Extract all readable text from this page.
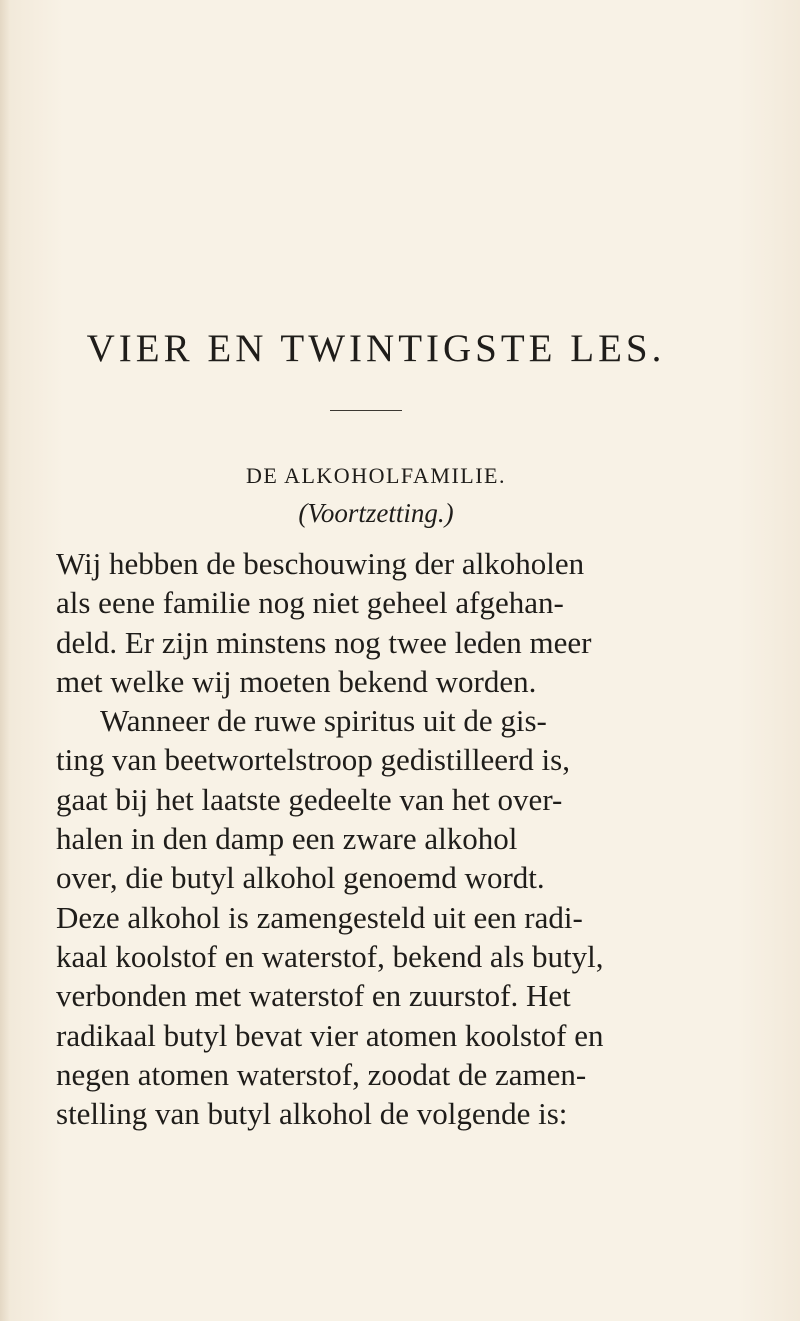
VIER EN TWINTIGSTE LES.
DE ALKOHOLFAMILIE.
(Voortzetting.)
Wij hebben de beschouwing der alkoholen
als eene familie nog niet geheel afgehan-
deld. Er zijn minstens nog twee leden meer
met welke wij moeten bekend worden.
Wanneer de ruwe spiritus uit de gis-
ting van beetwortelstroop gedistilleerd is,
gaat bij het laatste gedeelte van het over-
halen in den damp een zware alkohol
over, die butyl alkohol genoemd wordt.
Deze alkohol is zamengesteld uit een radi-
kaal koolstof en waterstof, bekend als butyl,
verbonden met waterstof en zuurstof. Het
radikaal butyl bevat vier atomen koolstof en
negen atomen waterstof, zoodat de zamen-
stelling van butyl alkohol de volgende is:
